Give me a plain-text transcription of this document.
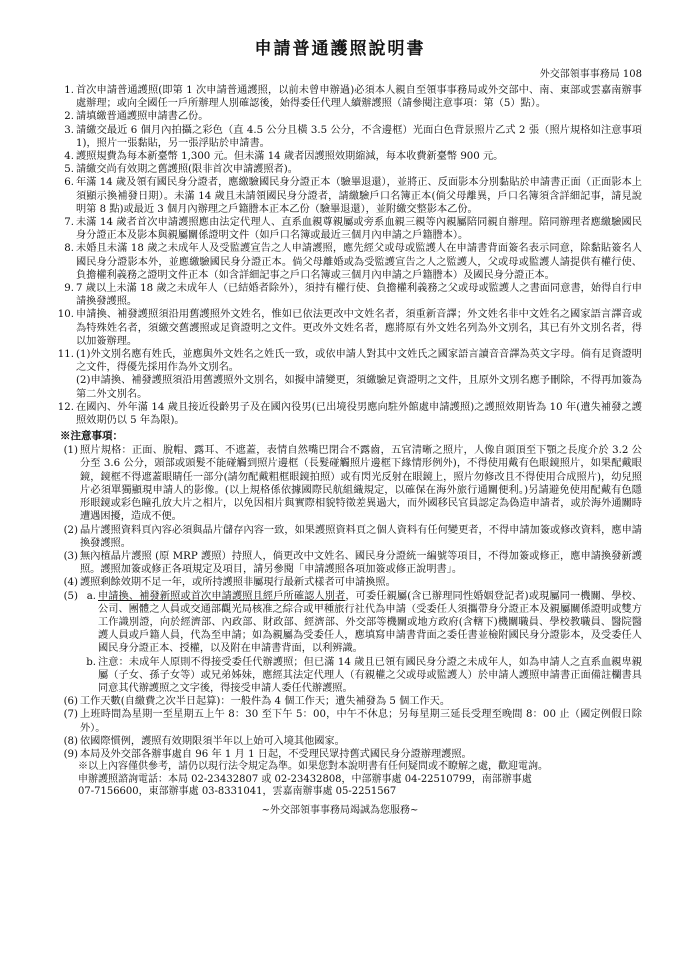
申請普通護照說明書
外交部領事事務局 108
1. 首次申請普通護照(即第 1 次申請普通護照，以前未曾申辦過)必須本人親自至領事事務局或外交部中、南、東部或雲嘉南辦事處辦理；或向全國任一戶所辦理人別確認後，始得委任代理人續辦護照（請參閱注意事項：第（5）點）。
2. 請填繳普通護照申請書乙份。
3. 請繳交最近 6 個月內拍攝之彩色（直 4.5 公分且橫 3.5 公分，不含邊框）光面白色背景照片乙式 2 張（照片規格如注意事項 1)，照片一張黏貼，另一張浮貼於申請書。
4. 護照規費為每本新臺幣 1,300 元。但未滿 14 歲者因護照效期縮減，每本收費新臺幣 900 元。
5. 請繳交尚有效期之舊護照(限非首次申請護照者)。
6. 年滿 14 歲及領有國民身分證者，應繳驗國民身分證正本（驗畢退還），並將正、反面影本分別黏貼於申請書正面（正面影本上須顯示換補發日期）。未滿 14 歲且未請領國民身分證者，請繳驗戶口名簿正本(倘父母離異，戶口名簿須含詳細記事，請見說明第 8 點)或最近 3 個月內辦理之戶籍謄本正本乙份（驗畢退還），並附繳交整影本乙份。
7. 未滿 14 歲者首次申請護照應由法定代理人、直系血親尊親屬或旁系血親三親等內親屬陪同親自辦理。陪同辦理者應繳驗國民身分證正本及影本與親屬關係證明文件（如戶口名簿或最近三個月內申請之戶籍謄本）。
8. 未婚且未滿 18 歲之未成年人及受監護宣告之人申請護照，應先經父或母或監護人在申請書背面簽名表示同意，除黏貼簽名人國民身分證影本外，並應繳驗國民身分證正本。倘父母離婚或為受監護宣告之人之監護人，父或母或監護人請提供有權行使、負擔權利義務之證明文件正本（如含詳細記事之戶口名簿或三個月內申請之戶籍謄本）及國民身分證正本。
9. 7 歲以上未滿 18 歲之未成年人（已結婚者除外），須持有權行使、負擔權利義務之父或母或監護人之書面同意書，始得自行申請換發護照。
10. 申請換、補發護照須沿用舊護照外文姓名，惟如已依法更改中文姓名者，須重新音譯；外文姓名非中文姓名之國家語言譯音或為特殊姓名者，須繳交舊護照或足資證明之文件。更改外文姓名者，應將原有外文姓名列為外文別名，其已有外文別名者，得以加簽辦理。
11. (1)外文別名應有姓氏，並應與外文姓名之姓氏一致，或依申請人對其中文姓氏之國家語言讀音音譯為英文字母。倘有足資證明之文件，得優先採用作為外文別名。
(2)申請換、補發護照須沿用舊護照外文別名，如擬申請變更，須繳驗足資證明之文件，且原外文別名應予刪除，不得再加簽為第二外文別名。
12. 在國內、外年滿 14 歲且接近役齡男子及在國內役男(已出境役男應向駐外館處申請護照)之護照效期皆為 10 年(遺失補發之護照效期仍以 5 年為限)。
※注意事項：
(1) 照片規格：正面、脫帽、露耳、不遮蓋，表情自然嘴巴閉合不露齒，五官清晰之照片，人像自頭頂至下顎之長度介於 3.2 公分至 3.6 公分，頭部或頭髮不能碰觸到照片邊框（長髮碰觸照片邊框下緣情形例外)，不得使用戴有色眼鏡照片，如果配戴眼鏡，鏡框不得遮蓋眼睛任一部分(請勿配戴粗框眼鏡拍照）或有閃光反射在眼鏡上，照片勿修改且不得使用合成照片)，幼兒照片必須單獨顯現申請人的影像。(以上規格係依據國際民航組織規定，以確保在海外旅行通關便利。)另請避免使用配戴有色隱形眼鏡或彩色瞳孔放大片之相片，以免因相片與實際相貌特徵差異過大，而外國移民官員認定為偽造申請者，或於海外通關時遭遇困擾，造成不便。
(2) 晶片護照資料頁內容必須與晶片儲存內容一致，如果護照資料頁之個人資料有任何變更者，不得申請加簽或修改資料，應申請換發護照。
(3) 無內植晶片護照 (原 MRP 護照）持照人，倘更改中文姓名、國民身分證統一編號等項目，不得加簽或修正，應申請換發新護照。護照加簽或修正各項規定及項目，請另參閱「申請護照各項加簽或修正說明書」。
(4) 護照剩餘效期不足一年，或所持護照非屬現行最新式樣者可申請換照。
(5) a. 申請換、補發新照或首次申請護照且經戶所確認人別者，可委任親屬(含已辦理同性婚姻登記者)或現屬同一機關、學校、公司、團體之人員或交通部觀光局核准之綜合或甲種旅行社代為申請（受委任人須攜帶身分證正本及親屬關係證明或雙方工作識別證，向於經濟部、內政部、財政部、經濟部、外交部等機關或地方政府(含轄下)機關職員、學校教職員、醫院醫護人員或戶籍人員，代為至申請；如為親屬為受委任人，應填寫申請書背面之委任書並檢附國民身分證影本，及受委任人國民身分證正本、授權，以及附在申請書背面，以利辨識。
b. 注意：未成年人原則不得接受委任代辦護照；但已滿 14 歲且已領有國民身分證之未成年人，如為申請人之直系血親卑親屬（子女、孫子女等）或兄弟姊妹，應經其法定代理人（有親權之父或母或監護人）於申請人護照申請書正面備註欄書具同意其代辦護照之文字後，得接受申請人委任代辦護照。
(6) 工作天數(自繳費之次半日起算)：一般件為 4 個工作天；遺失補發為 5 個工作天。
(7) 上班時間為星期一至星期五上午 8：30 至下午 5：00，中午不休息；另每星期三延長受理至晚間 8：00 止（國定例假日除外）。
(8) 依國際慣例，護照有效期限須半年以上始可入境其他國家。
(9) 本局及外交部各辦事處自 96 年 1 月 1 日起，不受理民眾持舊式國民身分證辦理護照。
※以上內容僅供參考，請仍以現行法令規定為準。如果您對本說明書有任何疑問或不瞭解之處，歡迎電詢。
申辦護照諮詢電話：本局 02-23432807 或 02-23432808，中部辦事處 04-22510799，南部辦事處
07-7156600，東部辦事處 03-8331041，雲嘉南辦事處 05-2251567
~外交部領事事務局竭誠為您服務~
